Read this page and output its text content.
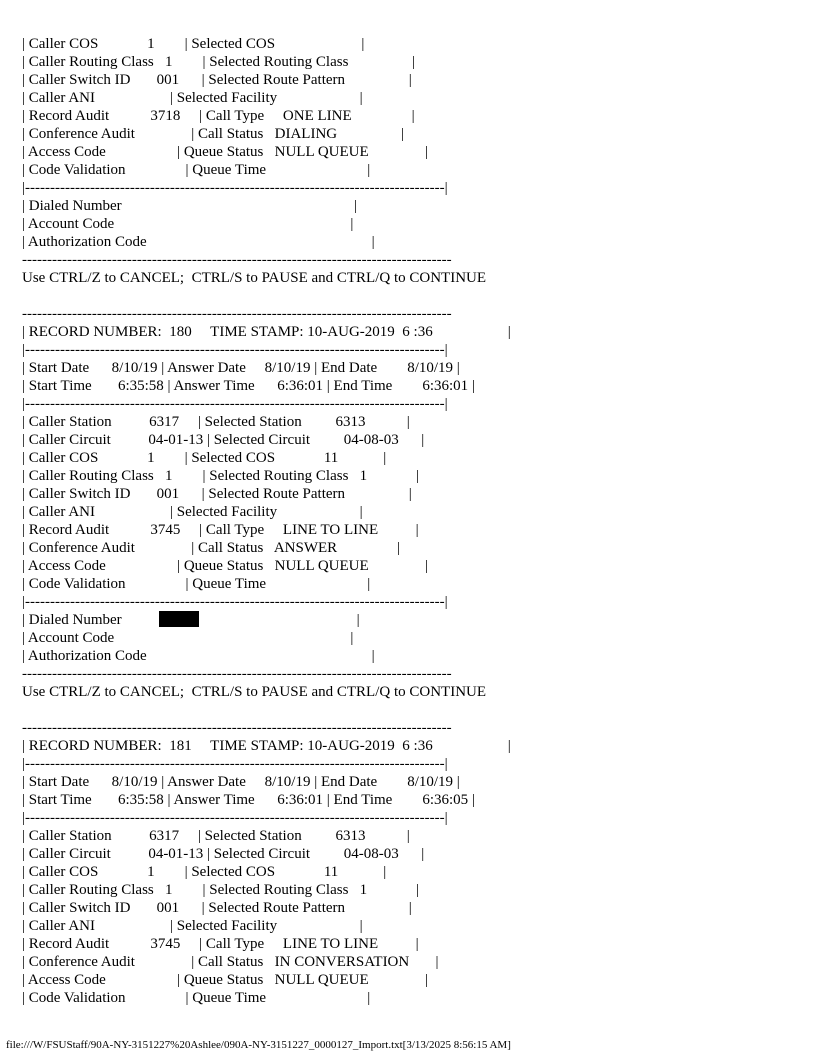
| Caller COS             1        | Selected COS                       |
| Caller Routing Class   1        | Selected Routing Class                 |
| Caller Switch ID       001      | Selected Route Pattern                 |
| Caller ANI                    | Selected Facility                      |
| Record Audit           3718     | Call Type     ONE LINE                |
| Conference Audit               | Call Status   DIALING                 |
| Access Code                   | Queue Status   NULL QUEUE               |
| Code Validation                | Queue Time                           |
|------------------------------------------------------------------------------------|
| Dialed Number                                                              |
| Account Code                                                               |
| Authorization Code                                                            |
--------------------------------------------------------------------------------------
Use CTRL/Z to CANCEL;  CTRL/S to PAUSE and CTRL/Q to CONTINUE
--------------------------------------------------------------------------------------
| RECORD NUMBER:  180     TIME STAMP: 10-AUG-2019  6 :36                    |
|------------------------------------------------------------------------------------|
| Start Date      8/10/19 | Answer Date     8/10/19 | End Date        8/10/19 |
| Start Time       6:35:58 | Answer Time      6:36:01 | End Time        6:36:01 |
|------------------------------------------------------------------------------------|
| Caller Station          6317     | Selected Station         6313           |
| Caller Circuit          04-01-13 | Selected Circuit         04-08-03      |
| Caller COS             1        | Selected COS             11            |
| Caller Routing Class   1        | Selected Routing Class   1             |
| Caller Switch ID       001      | Selected Route Pattern                 |
| Caller ANI                    | Selected Facility                      |
| Record Audit           3745     | Call Type     LINE TO LINE          |
| Conference Audit               | Call Status   ANSWER                |
| Access Code                   | Queue Status   NULL QUEUE               |
| Code Validation                | Queue Time                           |
|------------------------------------------------------------------------------------|
| Dialed Number	|
| Account Code                                                               |
| Authorization Code                                                            |
--------------------------------------------------------------------------------------
Use CTRL/Z to CANCEL;  CTRL/S to PAUSE and CTRL/Q to CONTINUE
--------------------------------------------------------------------------------------
| RECORD NUMBER:  181     TIME STAMP: 10-AUG-2019  6 :36                    |
|------------------------------------------------------------------------------------|
| Start Date      8/10/19 | Answer Date     8/10/19 | End Date        8/10/19 |
| Start Time       6:35:58 | Answer Time      6:36:01 | End Time        6:36:05 |
|------------------------------------------------------------------------------------|
| Caller Station          6317     | Selected Station         6313           |
| Caller Circuit          04-01-13 | Selected Circuit         04-08-03      |
| Caller COS             1        | Selected COS             11            |
| Caller Routing Class   1        | Selected Routing Class   1             |
| Caller Switch ID       001      | Selected Route Pattern                 |
| Caller ANI                    | Selected Facility                      |
| Record Audit           3745     | Call Type     LINE TO LINE          |
| Conference Audit               | Call Status   IN CONVERSATION       |
| Access Code                   | Queue Status   NULL QUEUE               |
| Code Validation                | Queue Time                           |
file:///W/FSUStaff/90A-NY-3151227%20Ashlee/090A-NY-3151227_0000127_Import.txt[3/13/2025 8:56:15 AM]
